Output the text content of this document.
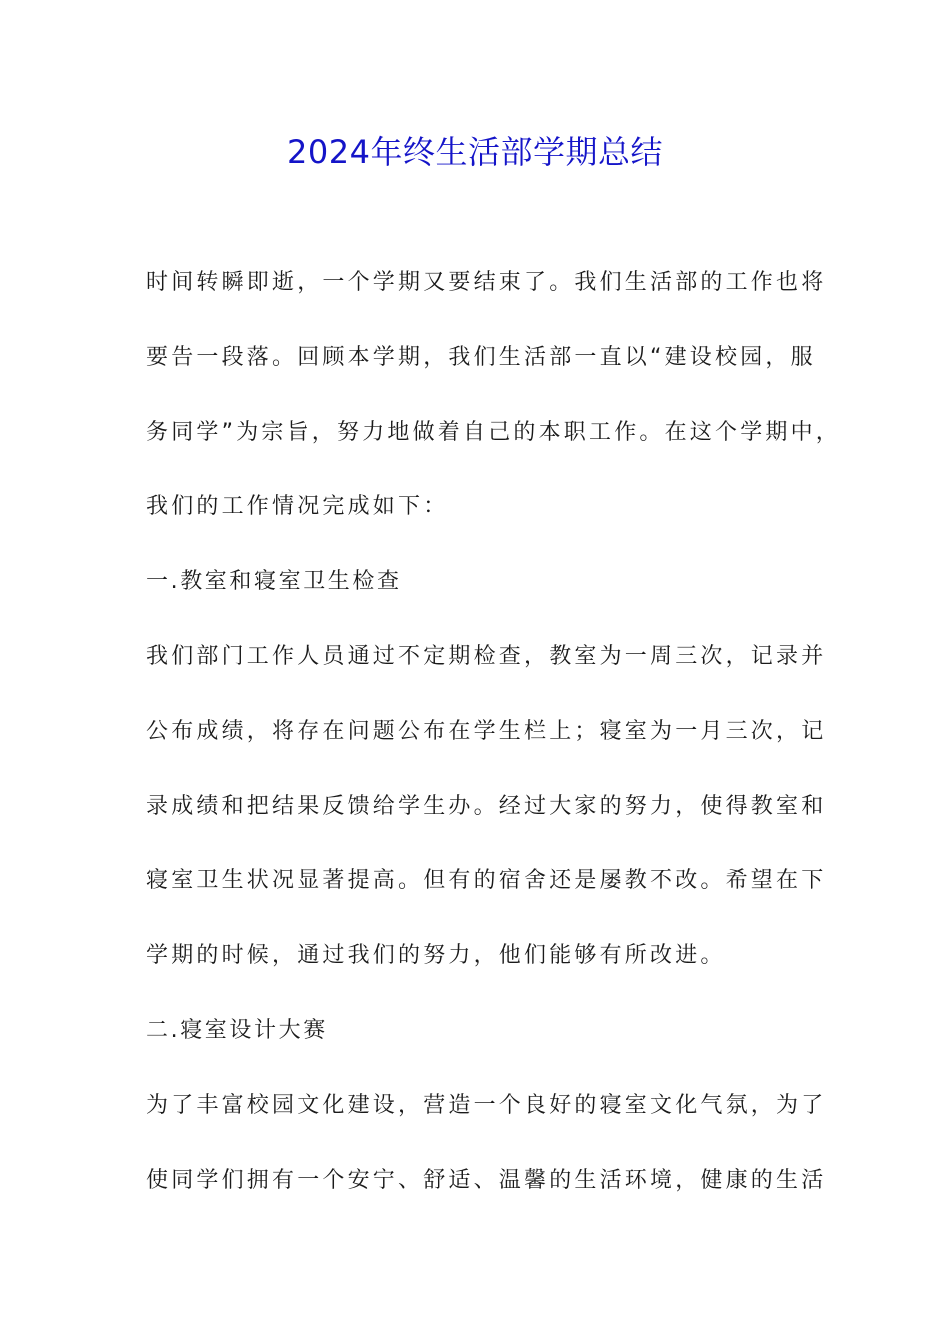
2024年终生活部学期总结
时间转瞬即逝，一个学期又要结束了。我们生活部的工作也将
要告一段落。回顾本学期，我们生活部一直以“建设校园，服
务同学”为宗旨，努力地做着自己的本职工作。在这个学期中，
我们的工作情况完成如下：
一.教室和寝室卫生检查
我们部门工作人员通过不定期检查，教室为一周三次，记录并
公布成绩，将存在问题公布在学生栏上；寝室为一月三次，记
录成绩和把结果反馈给学生办。经过大家的努力，使得教室和
寝室卫生状况显著提高。但有的宿舍还是屡教不改。希望在下
学期的时候，通过我们的努力，他们能够有所改进。
二.寝室设计大赛
为了丰富校园文化建设，营造一个良好的寝室文化气氛，为了
使同学们拥有一个安宁、舒适、温馨的生活环境，健康的生活
